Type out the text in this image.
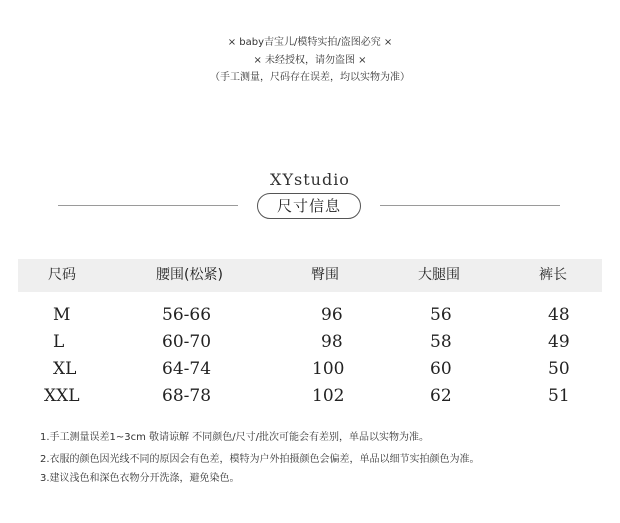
× baby吉宝儿/模特实拍/盗图必究 ×
× 未经授权，请勿盗图 ×
（手工测量，尺码存在误差，均以实物为准）
XYstudio
尺寸信息
尺码	腰围(松紧)	臀围	大腿围	裤长
M	56-66	96	56	48
L	60-70	98	58	49
XL	64-74	100	60	50
XXL	68-78	102	62	51
1.手工测量误差1~3cm 敬请谅解 不同颜色/尺寸/批次可能会有差别，单品以实物为准。
2.衣服的颜色因光线不同的原因会有色差，模特为户外拍摄颜色会偏差，单品以细节实拍颜色为准。
3.建议浅色和深色衣物分开洗涤，避免染色。
